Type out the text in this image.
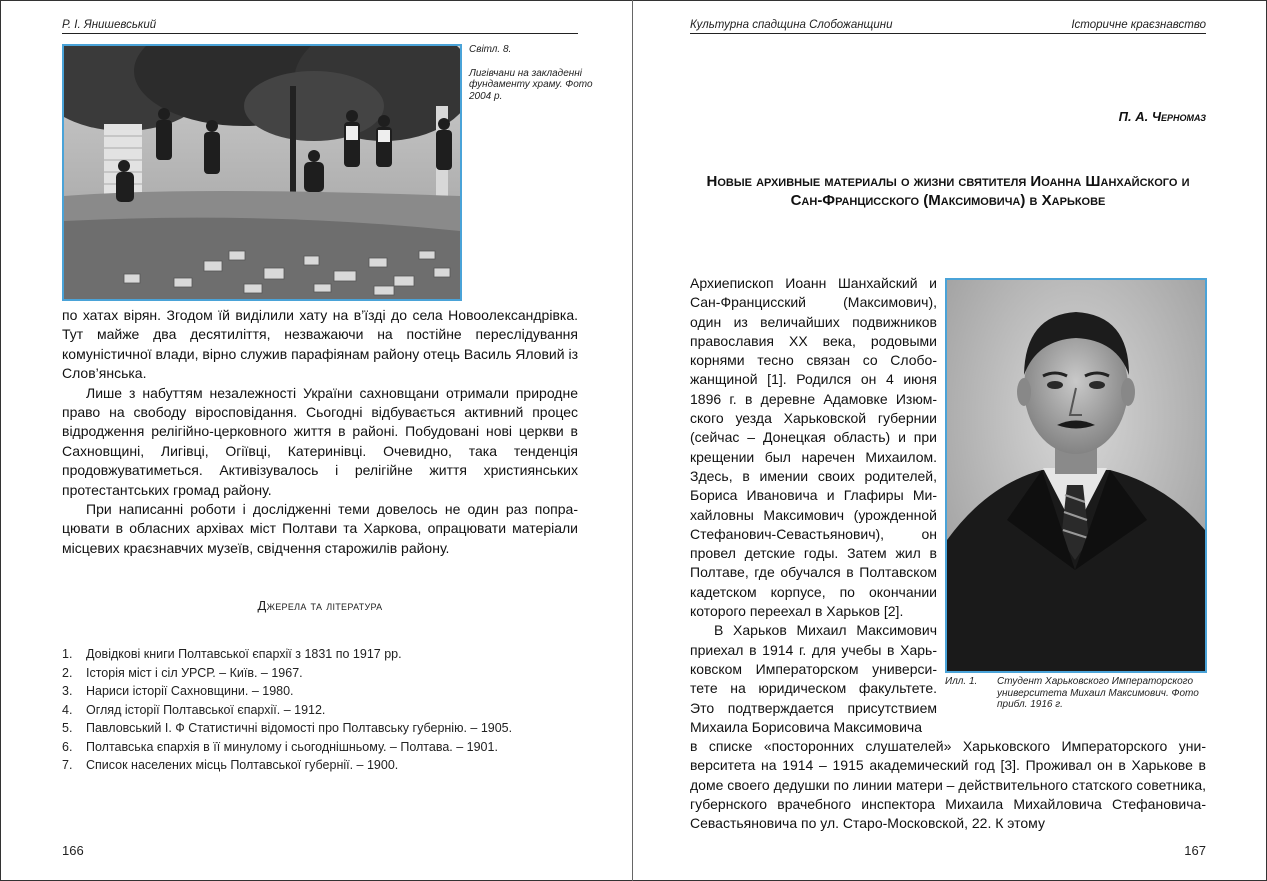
Р. І. Янишевський
Світл. 8.
Лигівчани на закладенні фундаменту храму. Фото 2004 р.

по хатах вірян. Згодом їй виділили хату на в’їзді до села Новоолександрівка. Тут майже два десятиліття, незважаючи на постійне переслідування комуністичної влади, вірно служив парафіянам району отець Василь Яловий із Слов’янська.

Лише з набуттям незалежності України сахновщани отримали природне право на свободу віросповідання. Сьогодні відбувається активний процес відродження релігійно-церковного життя в районі. Побудовані нові церкви в Сахновщині, Лигівці, Огіївці, Катеринівці. Очевидно, така тенденція продовжуватиметься. Активізувалось і релігійне життя християнських протестантських громад району.

При написанні роботи і дослідженні теми довелось не один раз попрацювати в обласних архівах міст Полтави та Харкова, опрацювати матеріали місцевих краєзнавчих музеїв, свідчення старожилів району.

Джерела та література
1.	Довідкові книги Полтавської єпархії з 1831 по 1917 рр.
2.	Історія міст і сіл УРСР. – Київ. – 1967.
3.	Нариси історії Сахновщини. – 1980.
4.	Огляд історії Полтавської єпархії. – 1912.
5.	Павловський І. Ф Статистичні відомості про Полтавську губернію. – 1905.
6.	Полтавська єпархія в її минулому і сьогоднішньому. – Полтава. – 1901.
7.	Список населених місць Полтавської губернії. – 1900.
166
Культурна спадщина Слобожанщини	Історичне краєзнавство
П. А. Черномаз
Новые архивные материалы о жизни святителя Иоанна Шанхайского и Сан-Францисского (Максимовича) в Харькове

Архиепископ Иоанн Шанхайский и Сан-Францисский (Максимович), один из величайших подвижников православия ХХ века, родовыми корнями тесно связан со Слобожанщиной [1]. Родился он 4 июня 1896 г. в деревне Адамовке Изюмского уезда Харьковской губернии (сейчас – Донецкая область) и при крещении был наречен Михаилом. Здесь, в имении своих родителей, Бориса Ивановича и Глафиры Михайловны Максимович (урожденной Стефанович-Севастьянович), он провел детские годы. Затем жил в Полтаве, где обучался в Полтавском кадетском корпусе, по окончании которого переехал в Харьков [2].

В Харьков Михаил Максимович приехал в 1914 г. для учебы в Харьковском Императорском университете на юридическом факультете. Это подтверждается присутствием Михаила Борисовича Максимовича

в списке «посторонних слушателей» Харьковского Императорского университета на 1914 – 1915 академический год [3]. Проживал он в Харькове в доме своего дедушки по линии матери – действительного статского советника, губернского врачебного инспектора Михаила Михайловича Стефановича-Севастьяновича по ул. Старо-Московской, 22. К этому

Илл. 1.	Студент Харьковского Императорского университета Михаил Максимович. Фото прибл. 1916 г.
167
